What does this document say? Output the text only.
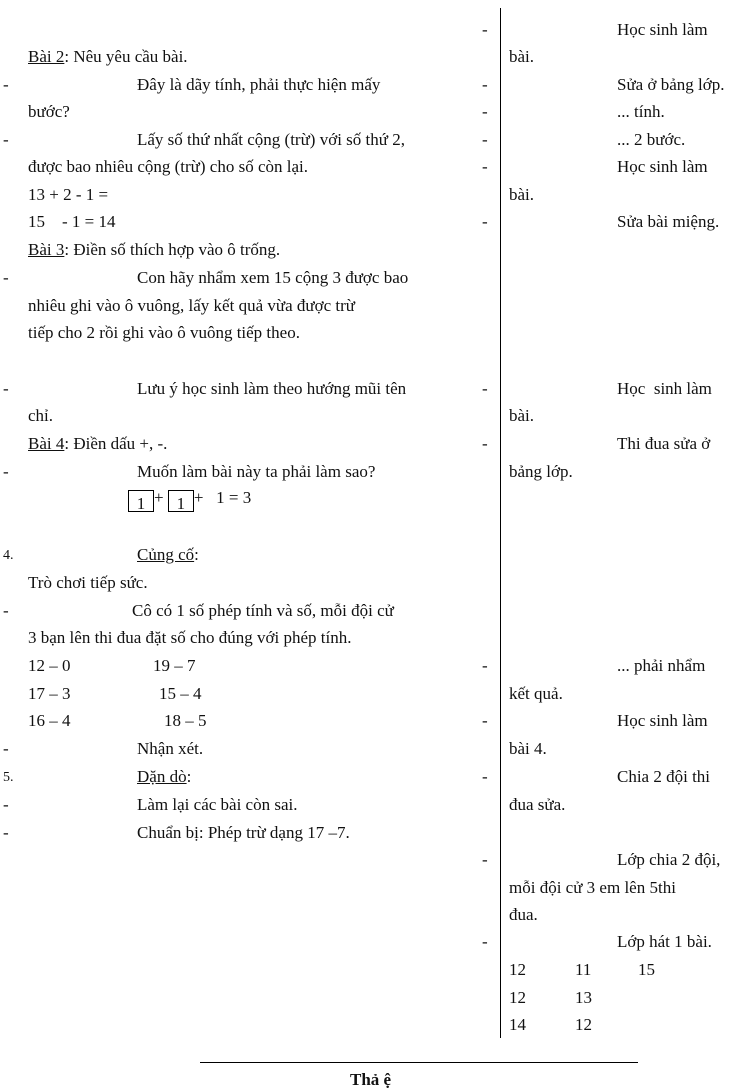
-
Bài 2: Nêu yêu cầu bài.
-	Đây là dãy tính, phải thực hiện mấy	-
bước?	-
-	Lấy số thứ nhất cộng (trừ) với số thứ 2,	-
được bao nhiêu cộng (trừ) cho số còn lại.	-
13 + 2 - 1 =
15    - 1 = 14	-
Bài 3: Điền số thích hợp vào ô trống.
-	Con hãy nhẩm xem 15 cộng 3 được bao
nhiêu ghi vào ô vuông, lấy kết quả vừa được trừ
tiếp cho 2 rồi ghi vào ô vuông tiếp theo.
-	Lưu ý học sinh làm theo hướng mũi tên	-
chỉ.
Bài 4: Điền dấu +, -.	-
-	Muốn làm bài này ta phải làm sao?
1 + 1 +   1 = 3
4.	Củng cố:
Trò chơi tiếp sức.
-	Cô có 1 số phép tính và số, mỗi đội cử
3 bạn lên thi đua đặt số cho đúng với phép tính.
12 – 0	19 – 7	-
17 – 3	15 – 4
16 – 4	18 – 5	-
-	Nhận xét.
5.	Dặn dò:	-
-	Làm lại các bài còn sai.
-	Chuẩn bị: Phép trừ dạng 17 –7.
-
-
Học sinh làm
bài.
Sửa ở bảng lớp.
... tính.
... 2 bước.
Học sinh làm
bài.
Sửa bài miệng.
Học  sinh làm
bài.
Thi đua sửa ở
bảng lớp.
... phải nhẩm
kết quả.
Học sinh làm
bài 4.
Chia 2 đội thi
đua sửa.
Lớp chia 2 đội,
mỗi đội cử 3 em lên 5thi
đua.
Lớp hát 1 bài.
12	11	15
12	13
14	12
Thả ệ
